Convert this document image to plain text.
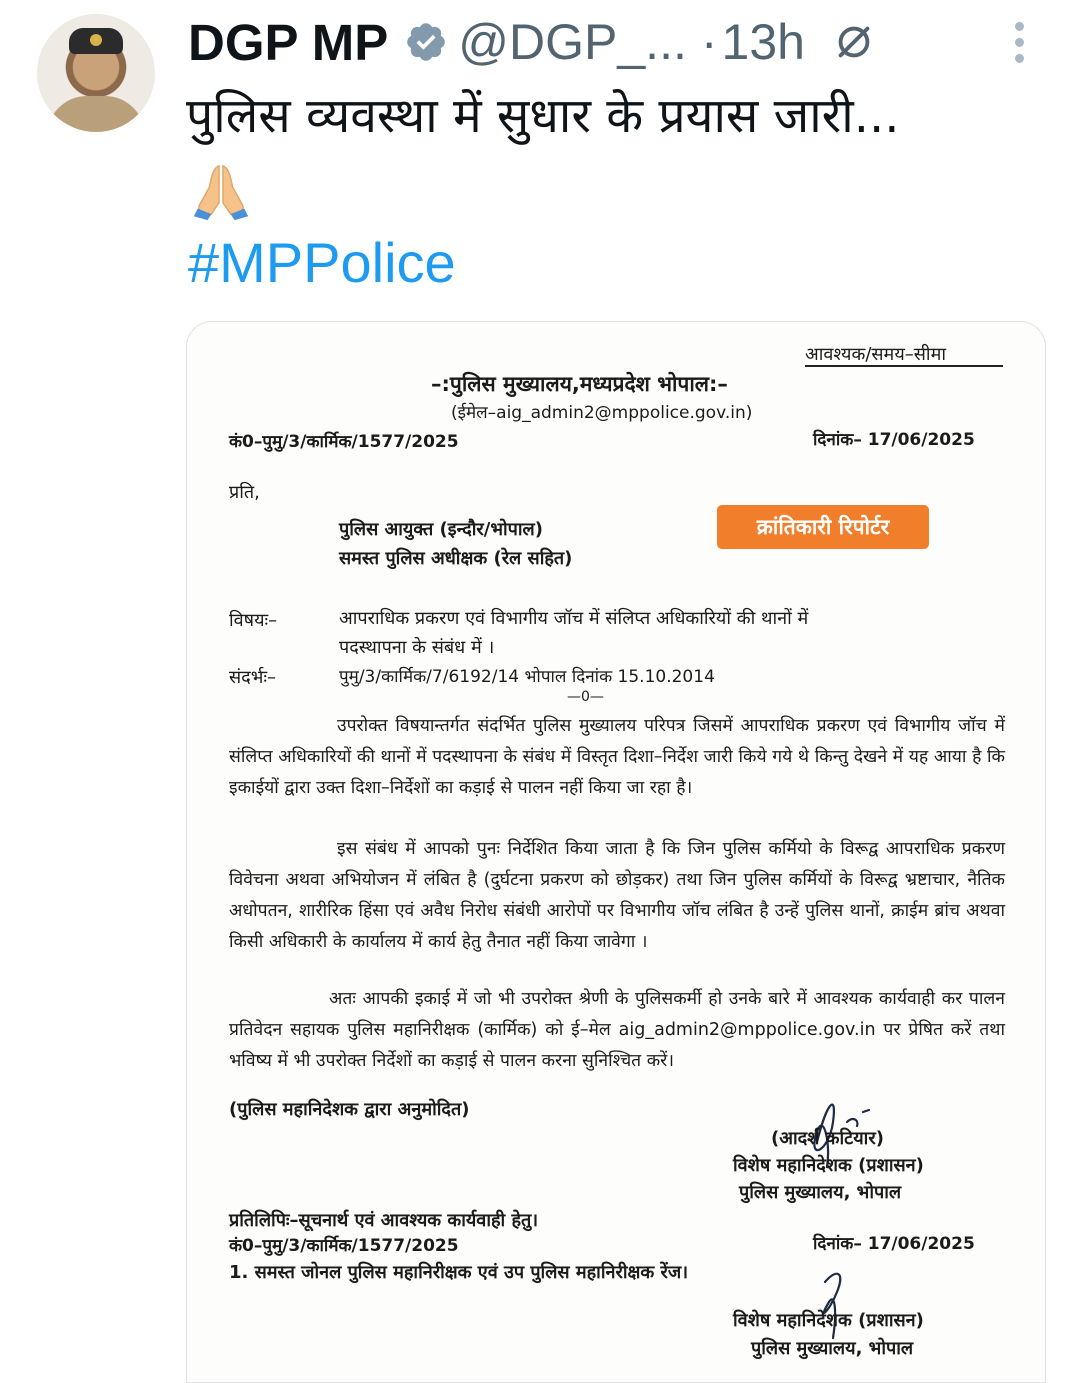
DGP MP @DGP_... · 13h
पुलिस व्यवस्था में सुधार के प्रयास जारी...
#MPPolice
आवश्यक/समय–सीमा
–:पुलिस मुख्यालय,मध्यप्रदेश भोपाल:–
(ईमेल–aig_admin2@mppolice.gov.in)
कं0–पुमु/3/कार्मिक/1577/2025	दिनांक– 17/06/2025
प्रति,
पुलिस आयुक्त (इन्दौर/भोपाल)
समस्त पुलिस अधीक्षक (रेल सहित)
क्रांतिकारी रिपोर्टर
विषयः–	आपराधिक प्रकरण एवं विभागीय जॉच में संलिप्त अधिकारियों की थानों में
पदस्थापना के संबंध में ।
संदर्भः–	पुमु/3/कार्मिक/7/6192/14 भोपाल दिनांक 15.10.2014
—0—
उपरोक्त विषयान्तर्गत संदर्भित पुलिस मुख्यालय परिपत्र जिसमें आपराधिक प्रकरण एवं विभागीय जॉच में संलिप्त अधिकारियों की थानों में पदस्थापना के संबंध में विस्तृत दिशा–निर्देश जारी किये गये थे किन्तु देखने में यह आया है कि इकाईयों द्वारा उक्त दिशा–निर्देशों का कड़ाई से पालन नहीं किया जा रहा है।
इस संबंध में आपको पुनः निर्देशित किया जाता है कि जिन पुलिस कर्मियो के विरूद्व आपराधिक प्रकरण विवेचना अथवा अभियोजन में लंबित है (दुर्घटना प्रकरण को छोड़कर) तथा जिन पुलिस कर्मियों के विरूद्व भ्रष्टाचार, नैतिक अधोपतन, शारीरिक हिंसा एवं अवैध निरोध संबंधी आरोपों पर विभागीय जॉच लंबित है उन्हें पुलिस थानों, क्राईम ब्रांच अथवा किसी अधिकारी के कार्यालय में कार्य हेतु तैनात नहीं किया जावेगा ।
अतः आपकी इकाई में जो भी उपरोक्त श्रेणी के पुलिसकर्मी हो उनके बारे में आवश्यक कार्यवाही कर पालन प्रतिवेदन सहायक पुलिस महानिरीक्षक (कार्मिक) को ई–मेल aig_admin2@mppolice.gov.in पर प्रेषित करें तथा भविष्य में भी उपरोक्त निर्देशों का कड़ाई से पालन करना सुनिश्चित करें।
(पुलिस महानिदेशक द्वारा अनुमोदित)
(आदर्श कटियार)
विशेष महानिदेशक (प्रशासन)
पुलिस मुख्यालय, भोपाल
प्रतिलिपिः–सूचनार्थ एवं आवश्यक कार्यवाही हेतु।
कं0–पुमु/3/कार्मिक/1577/2025	दिनांक– 17/06/2025
1. समस्त जोनल पुलिस महानिरीक्षक एवं उप पुलिस महानिरीक्षक रेंज।
विशेष महानिदेशक (प्रशासन)
पुलिस मुख्यालय, भोपाल
